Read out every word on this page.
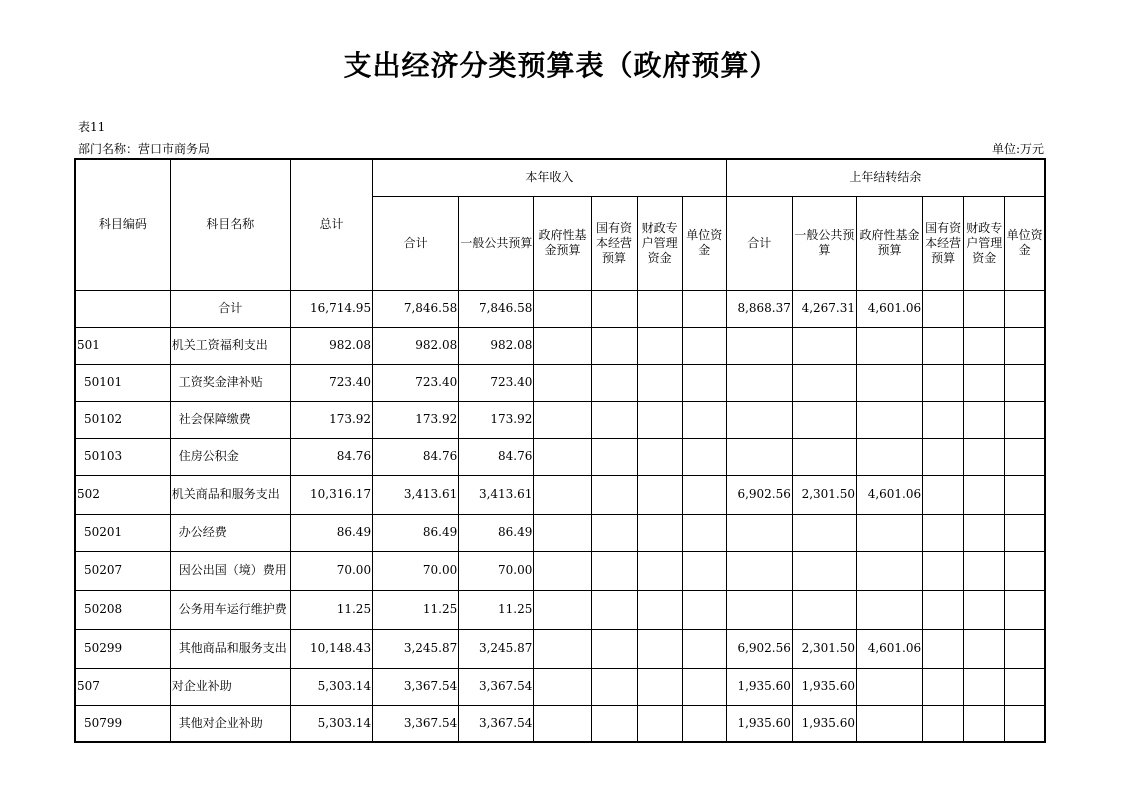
支出经济分类预算表（政府预算）
表11
部门名称：营口市商务局	单位:万元
科目编码	科目名称	总计	本年收入						上年结转结余					
			合计	一般公共预算	政府性基金预算	国有资本经营预算	财政专户管理资金	单位资金	合计	一般公共预算	政府性基金预算	国有资本经营预算	财政专户管理资金	单位资金
	合计	16,714.95	7,846.58	7,846.58					8,868.37	4,267.31	4,601.06			
501	机关工资福利支出	982.08	982.08	982.08										
50101	工资奖金津补贴	723.40	723.40	723.40										
50102	社会保障缴费	173.92	173.92	173.92										
50103	住房公积金	84.76	84.76	84.76										
502	机关商品和服务支出	10,316.17	3,413.61	3,413.61					6,902.56	2,301.50	4,601.06			
50201	办公经费	86.49	86.49	86.49										
50207	因公出国（境）费用	70.00	70.00	70.00										
50208	公务用车运行维护费	11.25	11.25	11.25										
50299	其他商品和服务支出	10,148.43	3,245.87	3,245.87					6,902.56	2,301.50	4,601.06			
507	对企业补助	5,303.14	3,367.54	3,367.54					1,935.60	1,935.60				
50799	其他对企业补助	5,303.14	3,367.54	3,367.54					1,935.60	1,935.60				
